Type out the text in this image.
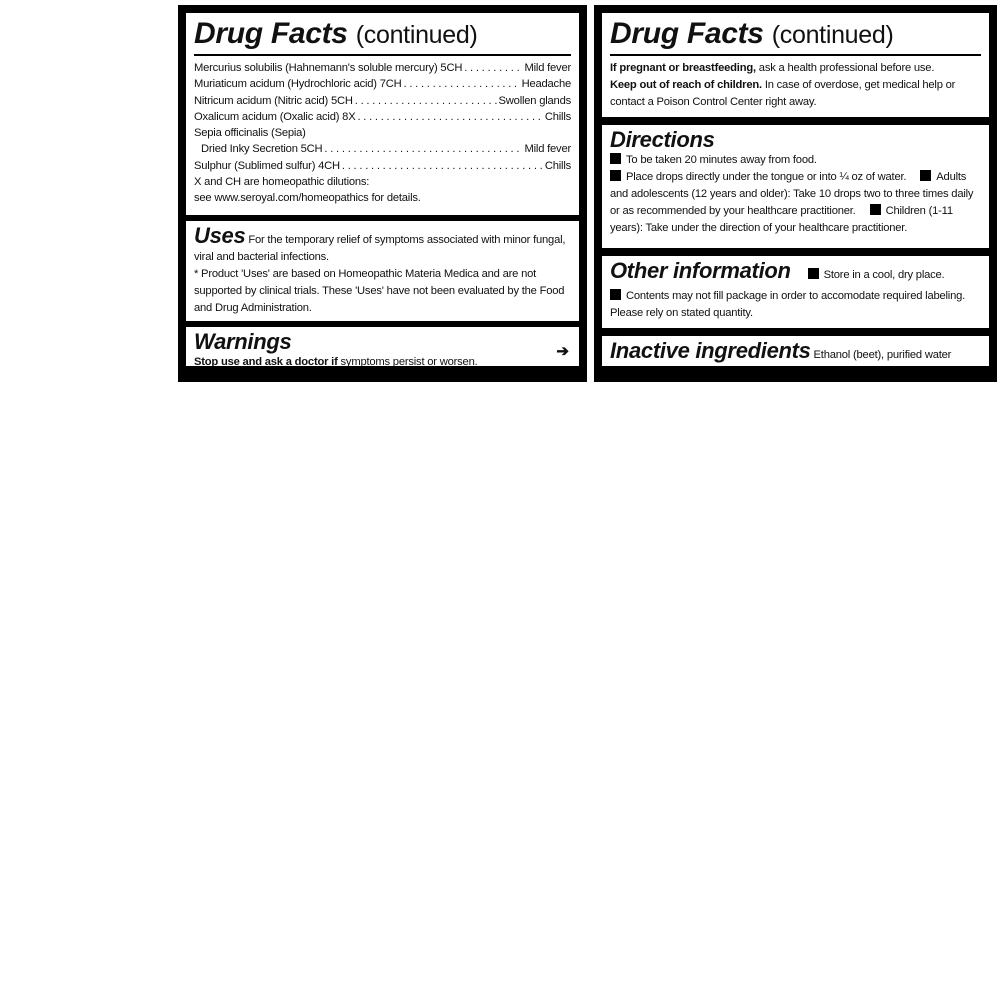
Drug Facts (continued)
Mercurius solubilis (Hahnemann's soluble mercury) 5CH . . .	Mild fever
Muriaticum acidum (Hydrochloric acid) 7CH . . .	Headache
Nitricum acidum (Nitric acid) 5CH . . .	Swollen glands
Oxalicum acidum (Oxalic acid) 8X . . .	Chills
Sepia officinalis (Sepia)
Dried Inky Secretion 5CH . . .	Mild fever
Sulphur (Sublimed sulfur) 4CH . . .	Chills
X and CH are homeopathic dilutions:
see www.seroyal.com/homeopathics for details.
Uses For the temporary relief of symptoms associated with minor fungal, viral and bacterial infections.
* Product 'Uses' are based on Homeopathic Materia Medica and are not supported by clinical trials. These 'Uses' have not been evaluated by the Food and Drug Administration.
Warnings
Stop use and ask a doctor if symptoms persist or worsen.
➔
Drug Facts (continued)
If pregnant or breastfeeding, ask a health professional before use.
Keep out of reach of children. In case of overdose, get medical help or contact a Poison Control Center right away.
Directions
To be taken 20 minutes away from food.
Place drops directly under the tongue or into ¼ oz of water.	Adults and adolescents (12 years and older): Take 10 drops two to three times daily or as recommended by your healthcare practitioner.	Children (1-11 years): Take under the direction of your healthcare practitioner.
Other information	Store in a cool, dry place.
Contents may not fill package in order to accomodate required labeling. Please rely on stated quantity.
Inactive ingredients Ethanol (beet), purified water
